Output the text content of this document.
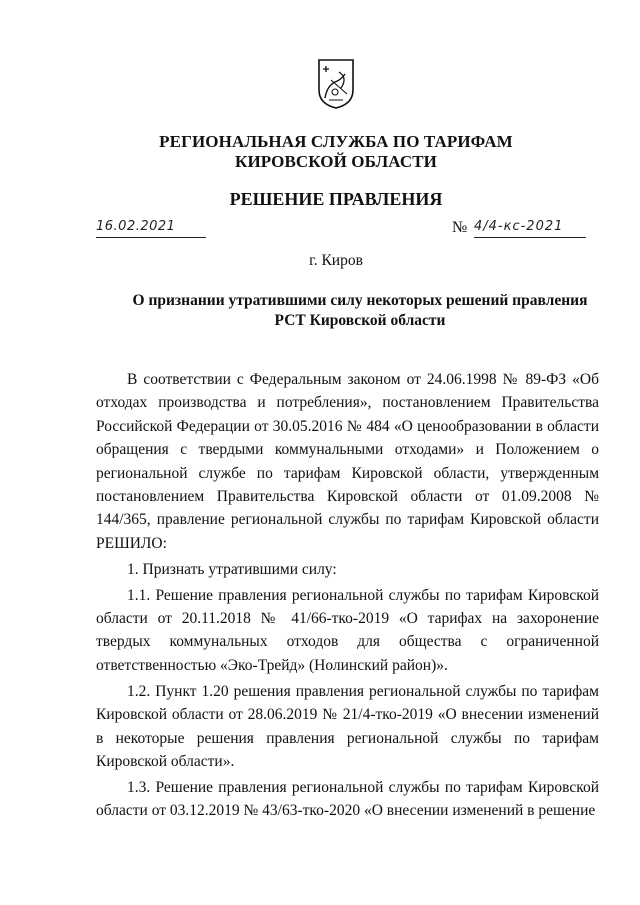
РЕГИОНАЛЬНАЯ СЛУЖБА ПО ТАРИФАМ
КИРОВСКОЙ ОБЛАСТИ
РЕШЕНИЕ ПРАВЛЕНИЯ
16.02.2021	№ 4/4-кс-2021
г. Киров
О признании утратившими силу некоторых решений правления
РСТ Кировской области

В соответствии с Федеральным законом от 24.06.1998 № 89-ФЗ «Об отходах производства и потребления», постановлением Правительства Российской Федерации от 30.05.2016 № 484 «О ценообразовании в области обращения с твердыми коммунальными отходами» и Положением о региональной службе по тарифам Кировской области, утвержденным постановлением Правительства Кировской области от 01.09.2008 № 144/365, правление региональной службы по тарифам Кировской области РЕШИЛО:

1. Признать утратившими силу:

1.1. Решение правления региональной службы по тарифам Кировской области от 20.11.2018 № 41/66-тко-2019 «О тарифах на захоронение твердых коммунальных отходов для общества с ограниченной ответственностью «Эко-Трейд» (Нолинский район)».

1.2. Пункт 1.20 решения правления региональной службы по тарифам Кировской области от 28.06.2019 № 21/4-тко-2019 «О внесении изменений в некоторые решения правления региональной службы по тарифам Кировской области».

1.3. Решение правления региональной службы по тарифам Кировской области от 03.12.2019 № 43/63-тко-2020 «О внесении изменений в решение
